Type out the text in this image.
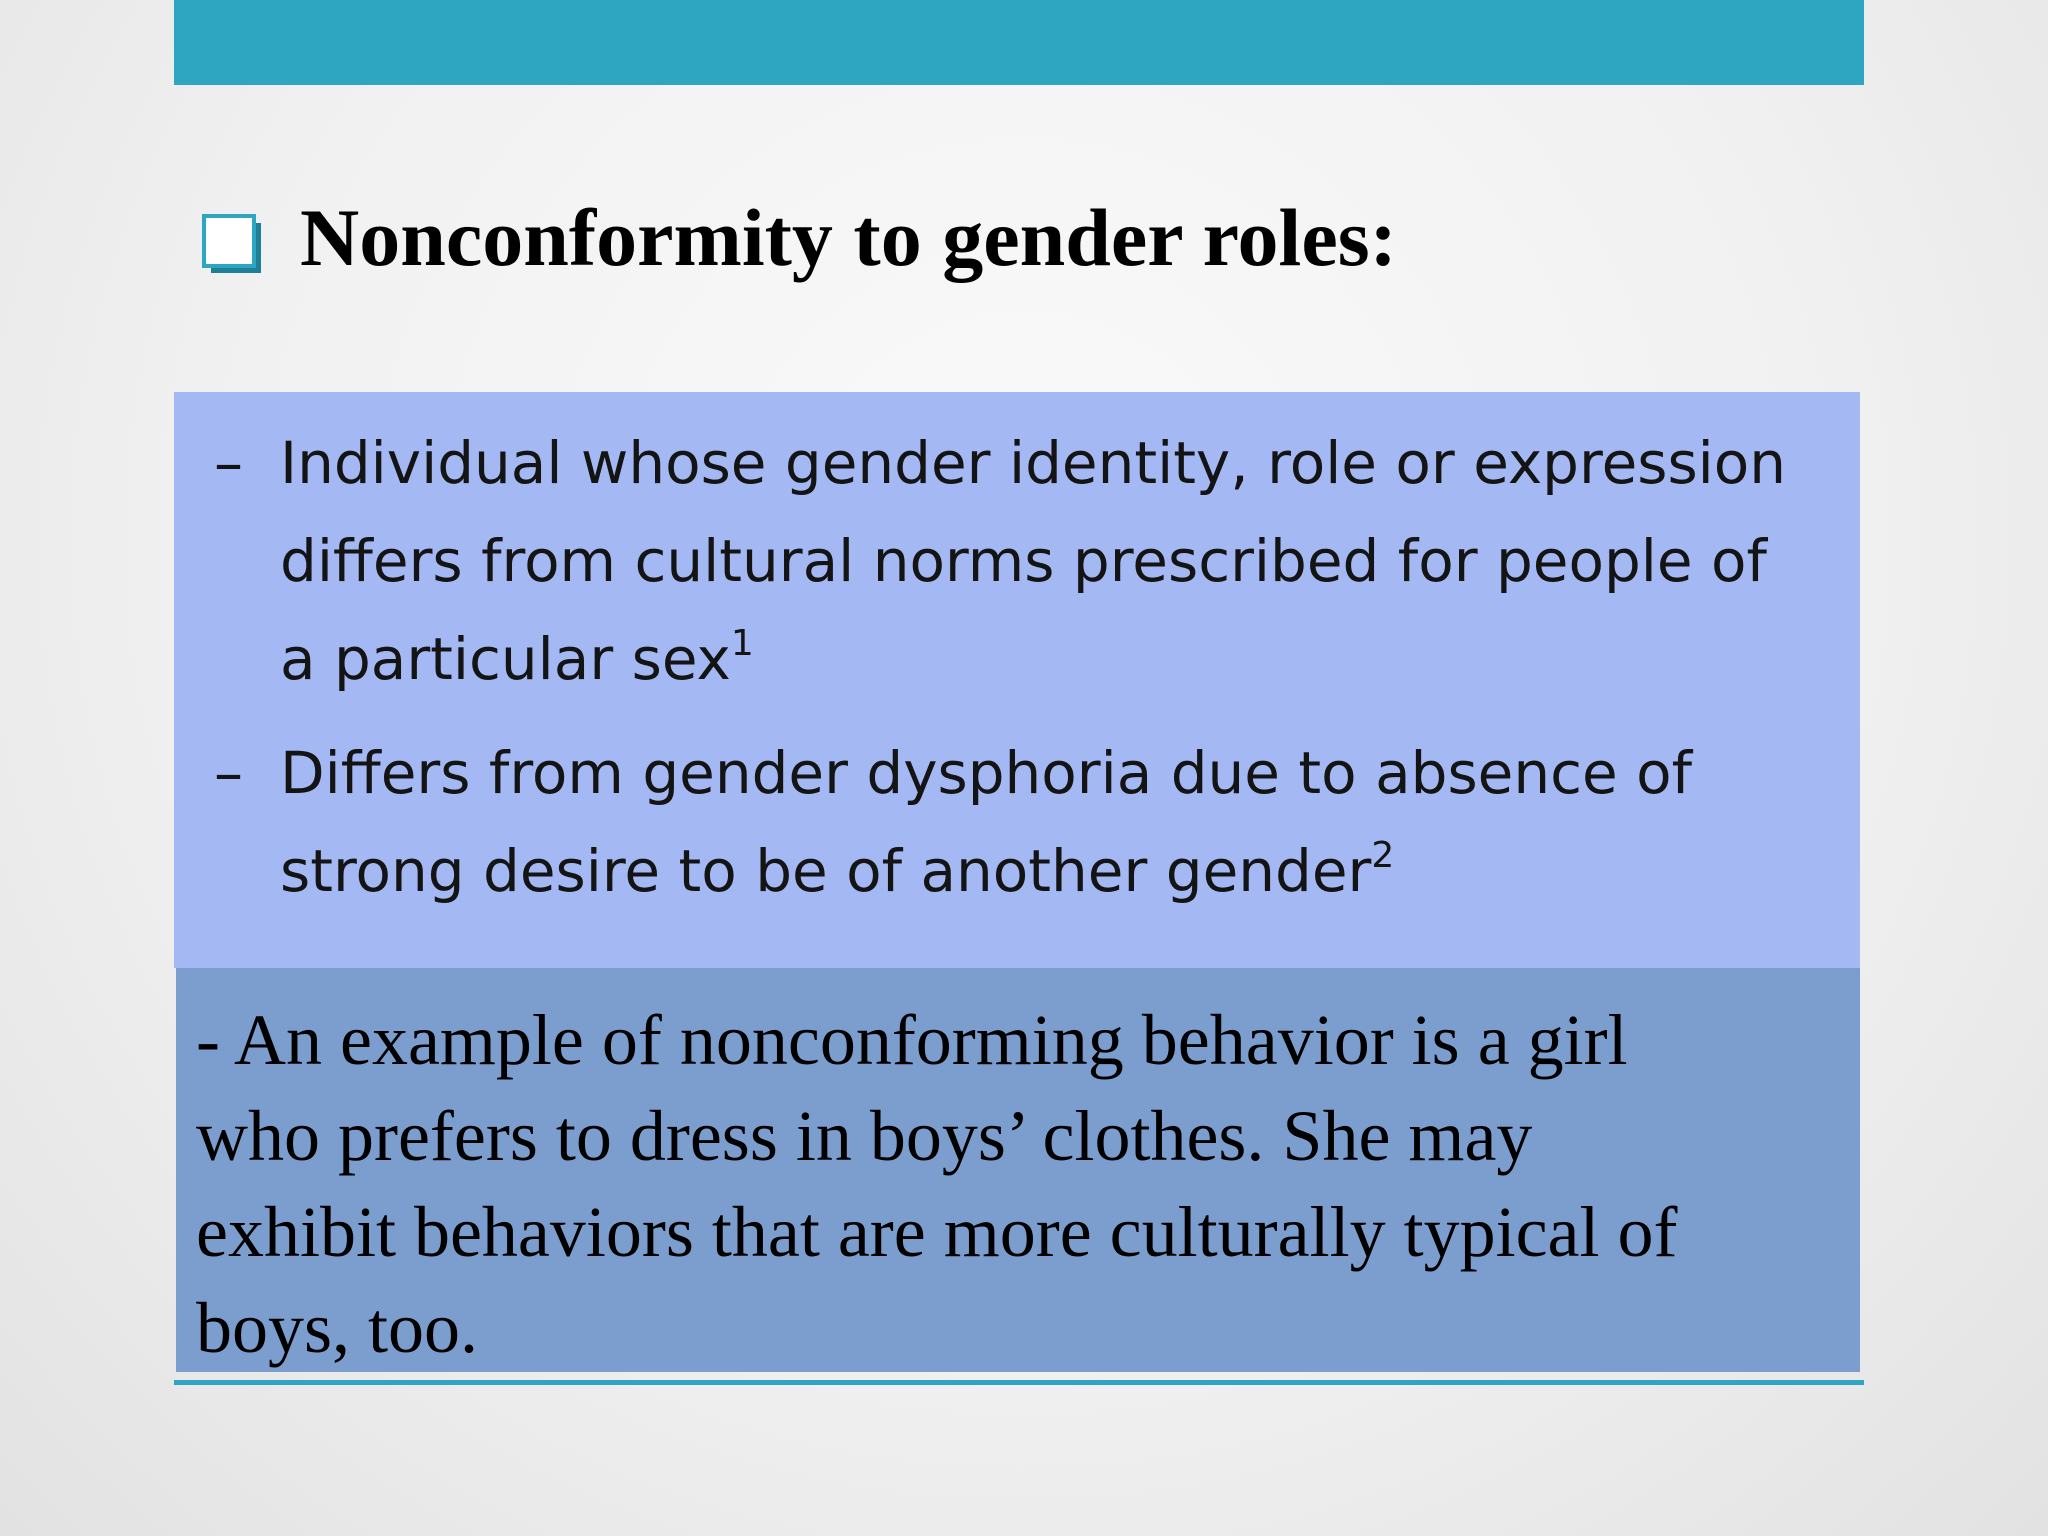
Nonconformity to gender roles:
– Individual whose gender identity, role or expression differs from cultural norms prescribed for people of a particular sex$^1$
– Differs from gender dysphoria due to absence of strong desire to be of another gender$^2$
- An example of nonconforming behavior is a girl
who prefers to dress in boys’ clothes. She may
exhibit behaviors that are more culturally typical of
boys, too.
